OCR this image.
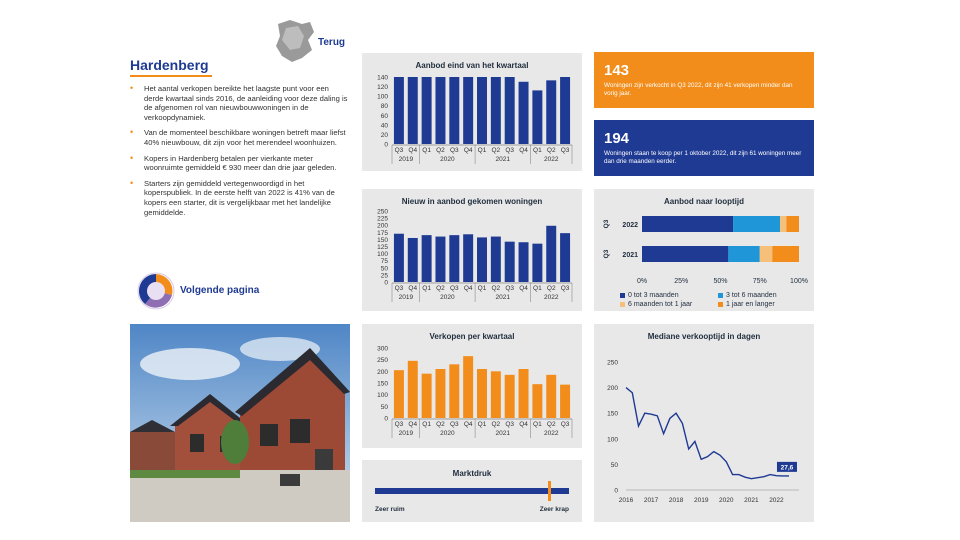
Terug
Hardenberg
• Het aantal verkopen bereikte het laagste punt voor een derde kwartaal sinds 2016, de aanleiding voor deze daling is de afgenomen rol van nieuwbouwwoningen in de verkoopdynamiek.
• Van de momenteel beschikbare woningen betreft maar liefst 40% nieuwbouw, dit zijn voor het merendeel woonhuizen.
• Kopers in Hardenberg betalen per vierkante meter woonruimte gemiddeld € 930 meer dan drie jaar geleden.
• Starters zijn gemiddeld vertegenwoordigd in het koperspubliek. In de eerste helft van 2022 is 41% van de kopers een starter, dit is vergelijkbaar met het landelijke gemiddelde.
Volgende pagina
Aanbod eind van het kwartaal
0
20
40
60
80
100
120
140
Q3 Q4 Q1 Q2 Q3 Q4 Q1 Q2 Q3 Q4 Q1 Q2 Q3
2019	2020	2021	2022
Nieuw in aanbod gekomen woningen
0
25
50
75
100
125
150
175
200
225
250
Q3 Q4 Q1 Q2 Q3 Q4 Q1 Q2 Q3 Q4 Q1 Q2 Q3
2019	2020	2021	2022
Verkopen per kwartaal
0
50
100
150
200
250
300
Q3 Q4 Q1 Q2 Q3 Q4 Q1 Q2 Q3 Q4 Q1 Q2 Q3
2019	2020	2021	2022
Marktdruk
Zeer ruim	Zeer krap
143
Woningen zijn verkocht in Q3 2022, dit zijn 41 verkopen minder dan vorig jaar.
194
Woningen staan te koop per 1 oktober 2022, dit zijn 61 woningen meer dan drie maanden eerder.
Aanbod naar looptijd
2022
Q3
2021
Q3
0%	25%	50%	75%	100%
0 tot 3 maanden	3 tot 6 maanden
6 maanden tot 1 jaar	1 jaar en langer
Mediane verkooptijd in dagen
0
50
100
150
200
250
2016 2017 2018 2019 2020 2021 2022
27,6
